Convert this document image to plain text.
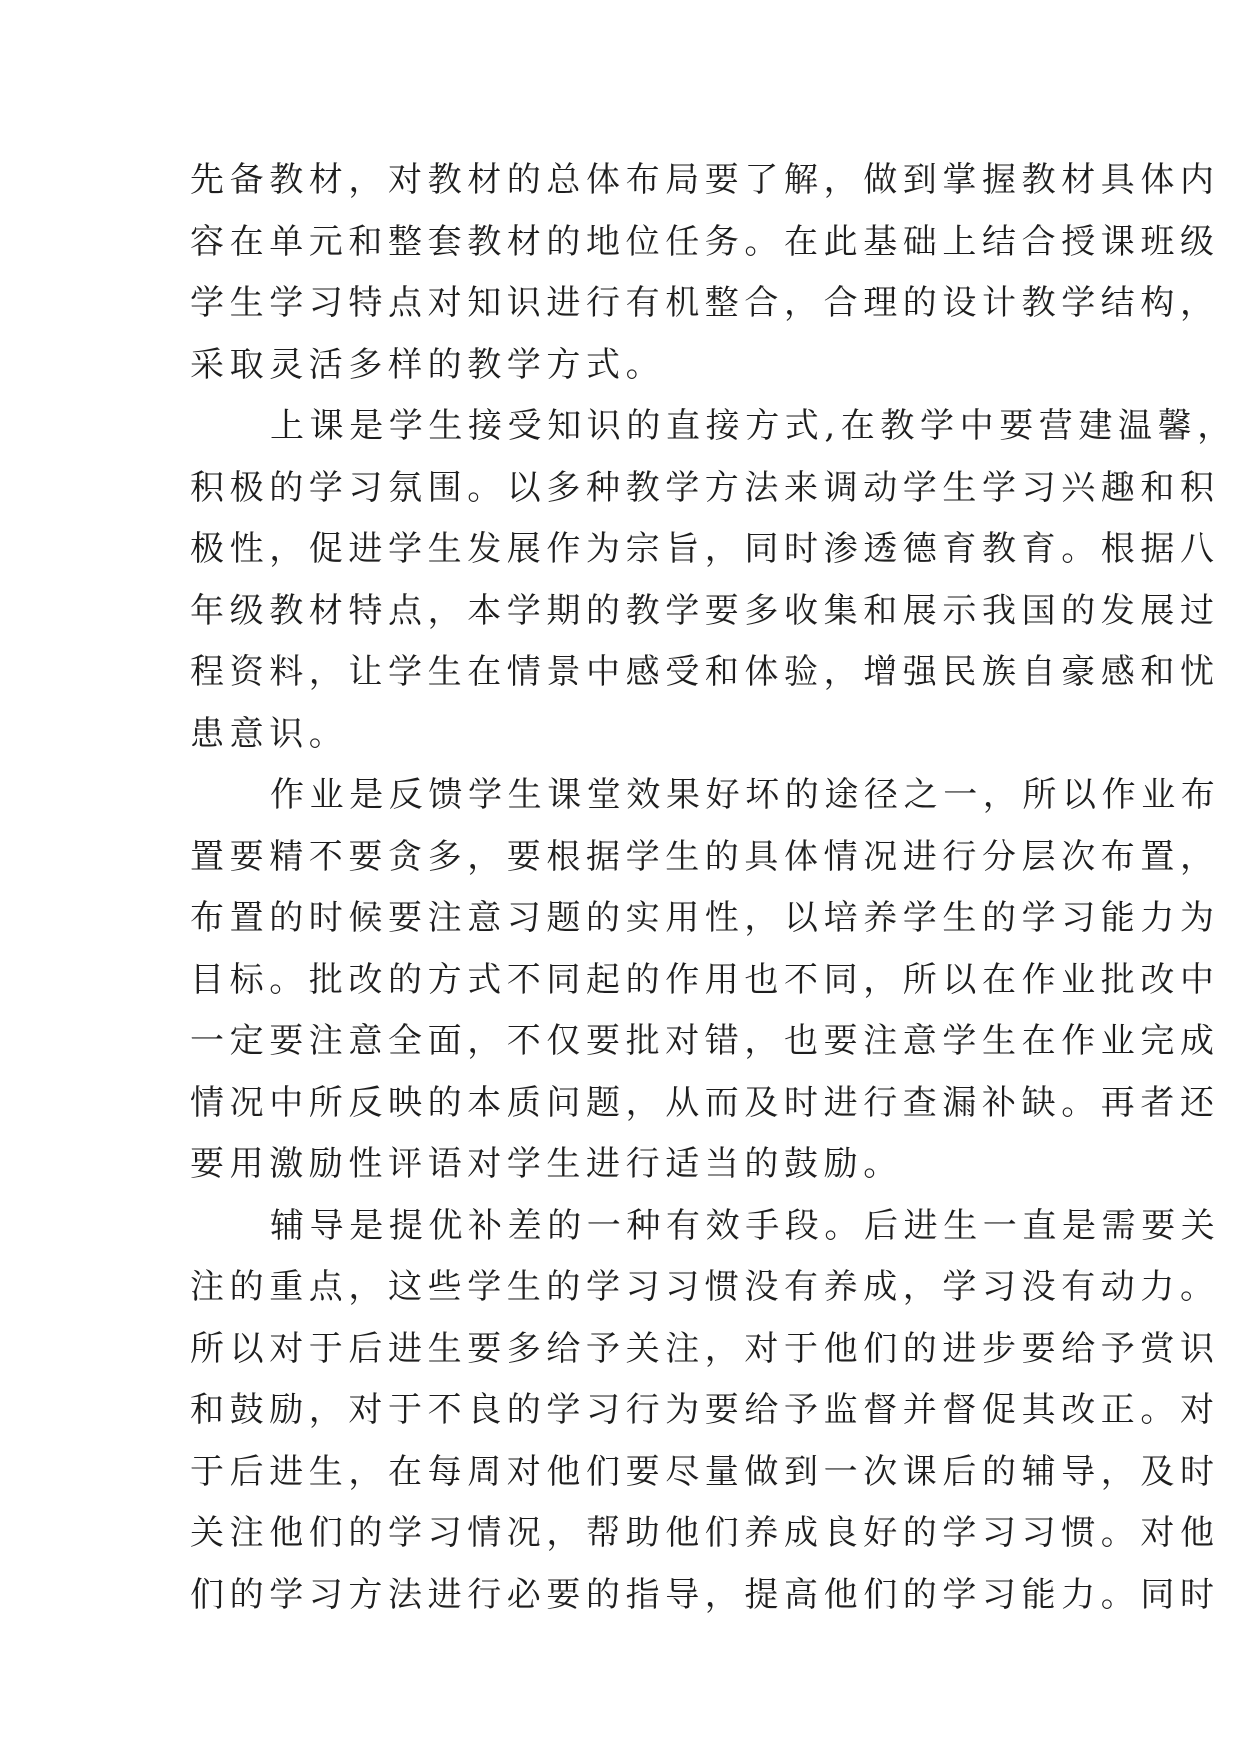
先备教材，对教材的总体布局要了解，做到掌握教材具体内
容在单元和整套教材的地位任务。在此基础上结合授课班级
学生学习特点对知识进行有机整合，合理的设计教学结构，
采取灵活多样的教学方式。
上课是学生接受知识的直接方式,在教学中要营建温馨，
积极的学习氛围。以多种教学方法来调动学生学习兴趣和积
极性，促进学生发展作为宗旨，同时渗透德育教育。根据八
年级教材特点，本学期的教学要多收集和展示我国的发展过
程资料，让学生在情景中感受和体验，增强民族自豪感和忧
患意识。
作业是反馈学生课堂效果好坏的途径之一，所以作业布
置要精不要贪多，要根据学生的具体情况进行分层次布置，
布置的时候要注意习题的实用性，以培养学生的学习能力为
目标。批改的方式不同起的作用也不同，所以在作业批改中
一定要注意全面，不仅要批对错，也要注意学生在作业完成
情况中所反映的本质问题，从而及时进行查漏补缺。再者还
要用激励性评语对学生进行适当的鼓励。
辅导是提优补差的一种有效手段。后进生一直是需要关
注的重点，这些学生的学习习惯没有养成，学习没有动力。
所以对于后进生要多给予关注，对于他们的进步要给予赏识
和鼓励，对于不良的学习行为要给予监督并督促其改正。对
于后进生，在每周对他们要尽量做到一次课后的辅导，及时
关注他们的学习情况，帮助他们养成良好的学习习惯。对他
们的学习方法进行必要的指导，提高他们的学习能力。同时
